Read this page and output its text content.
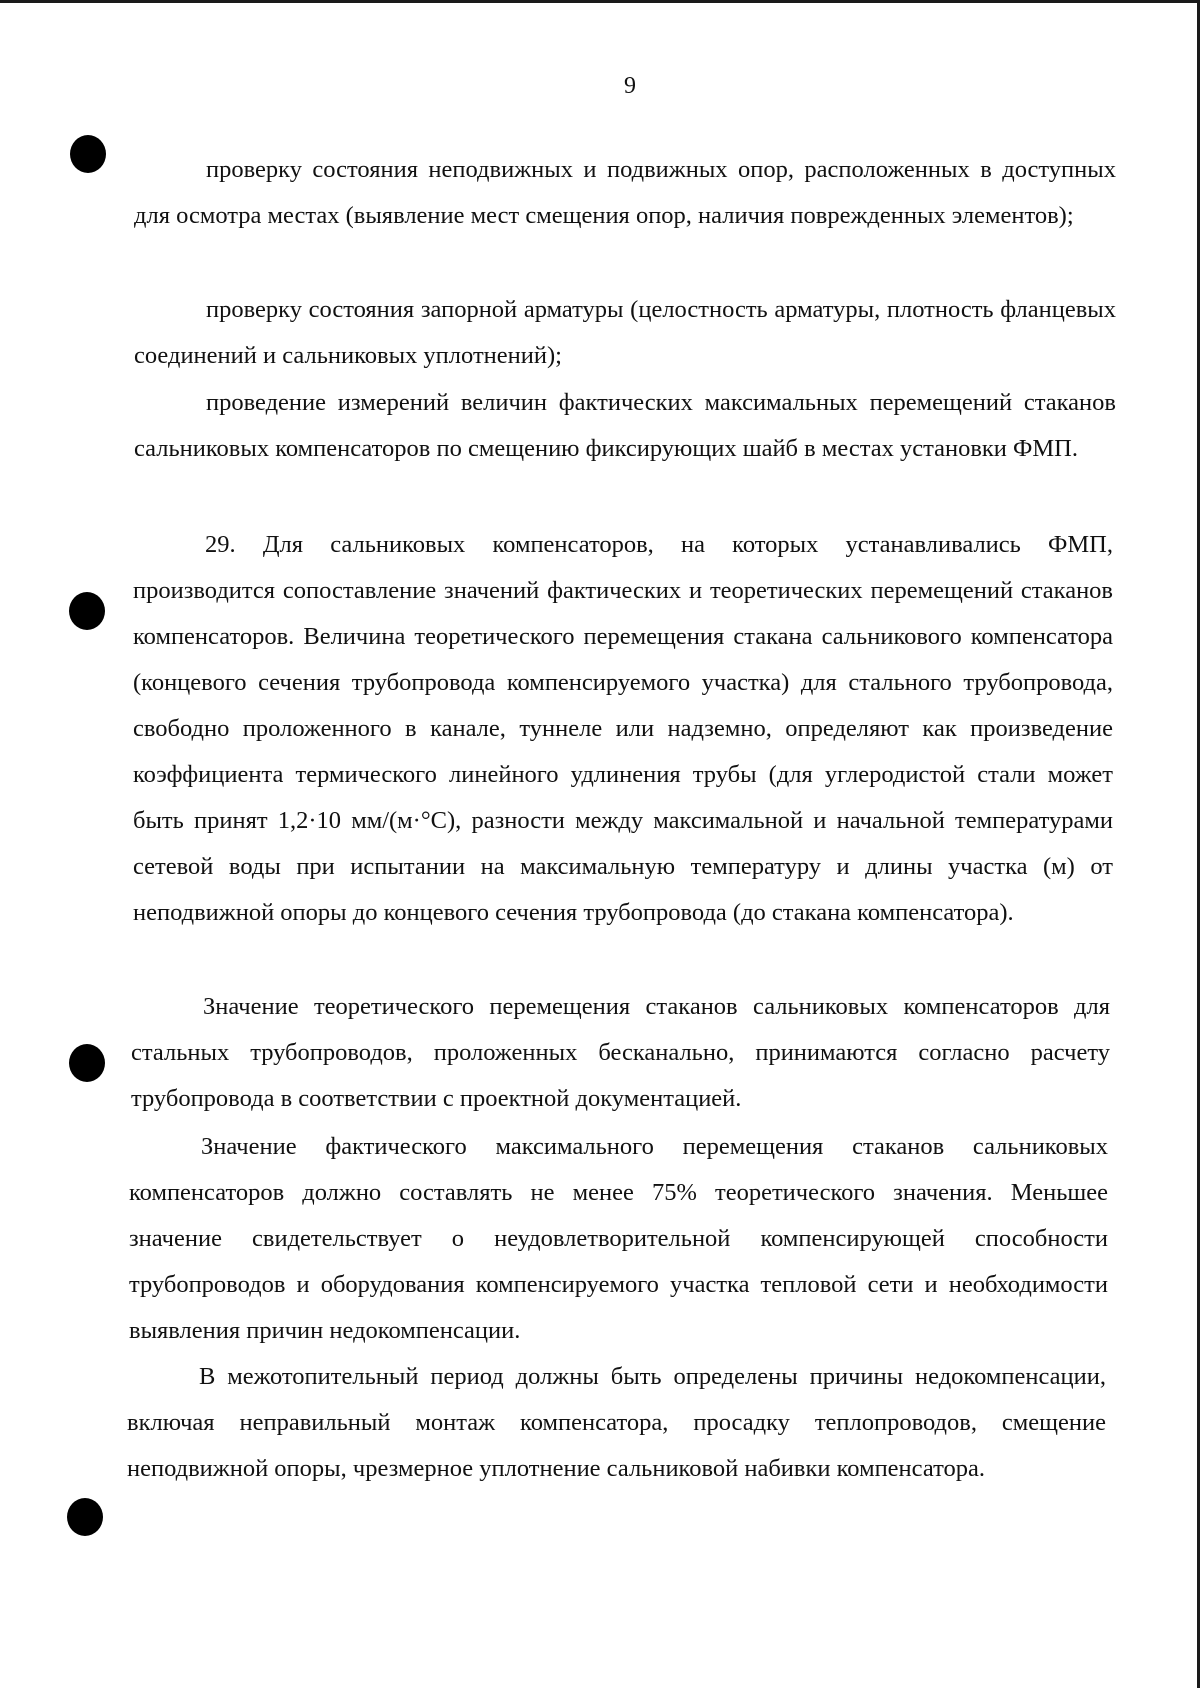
9

проверку состояния неподвижных и подвижных опор, расположенных в доступных для осмотра местах (выявление мест смещения опор, наличия поврежденных элементов);

проверку состояния запорной арматуры (целостность арматуры, плотность фланцевых соединений и сальниковых уплотнений);

проведение измерений величин фактических максимальных перемещений стаканов сальниковых компенсаторов по смещению фиксирующих шайб в местах установки ФМП.

29. Для сальниковых компенсаторов, на которых устанавливались ФМП, производится сопоставление значений фактических и теоретических перемещений стаканов компенсаторов. Величина теоретического перемещения стакана сальникового компенсатора (концевого сечения трубопровода компенсируемого участка) для стального трубопровода, свободно проложенного в канале, туннеле или надземно, определяют как произведение коэффициента термического линейного удлинения трубы (для углеродистой стали может быть принят 1,2·10 мм/(м·°С), разности между максимальной и начальной температурами сетевой воды при испытании на максимальную температуру и длины участка (м) от неподвижной опоры до концевого сечения трубопровода (до стакана компенсатора).

Значение теоретического перемещения стаканов сальниковых компенсаторов для стальных трубопроводов, проложенных бесканально, принимаются согласно расчету трубопровода в соответствии с проектной документацией.

Значение фактического максимального перемещения стаканов сальниковых компенсаторов должно составлять не менее 75% теоретического значения. Меньшее значение свидетельствует о неудовлетворительной компенсирующей способности трубопроводов и оборудования компенсируемого участка тепловой сети и необходимости выявления причин недокомпенсации.

В межотопительный период должны быть определены причины недокомпенсации, включая неправильный монтаж компенсатора, просадку теплопроводов, смещение неподвижной опоры, чрезмерное уплотнение сальниковой набивки компенсатора.
